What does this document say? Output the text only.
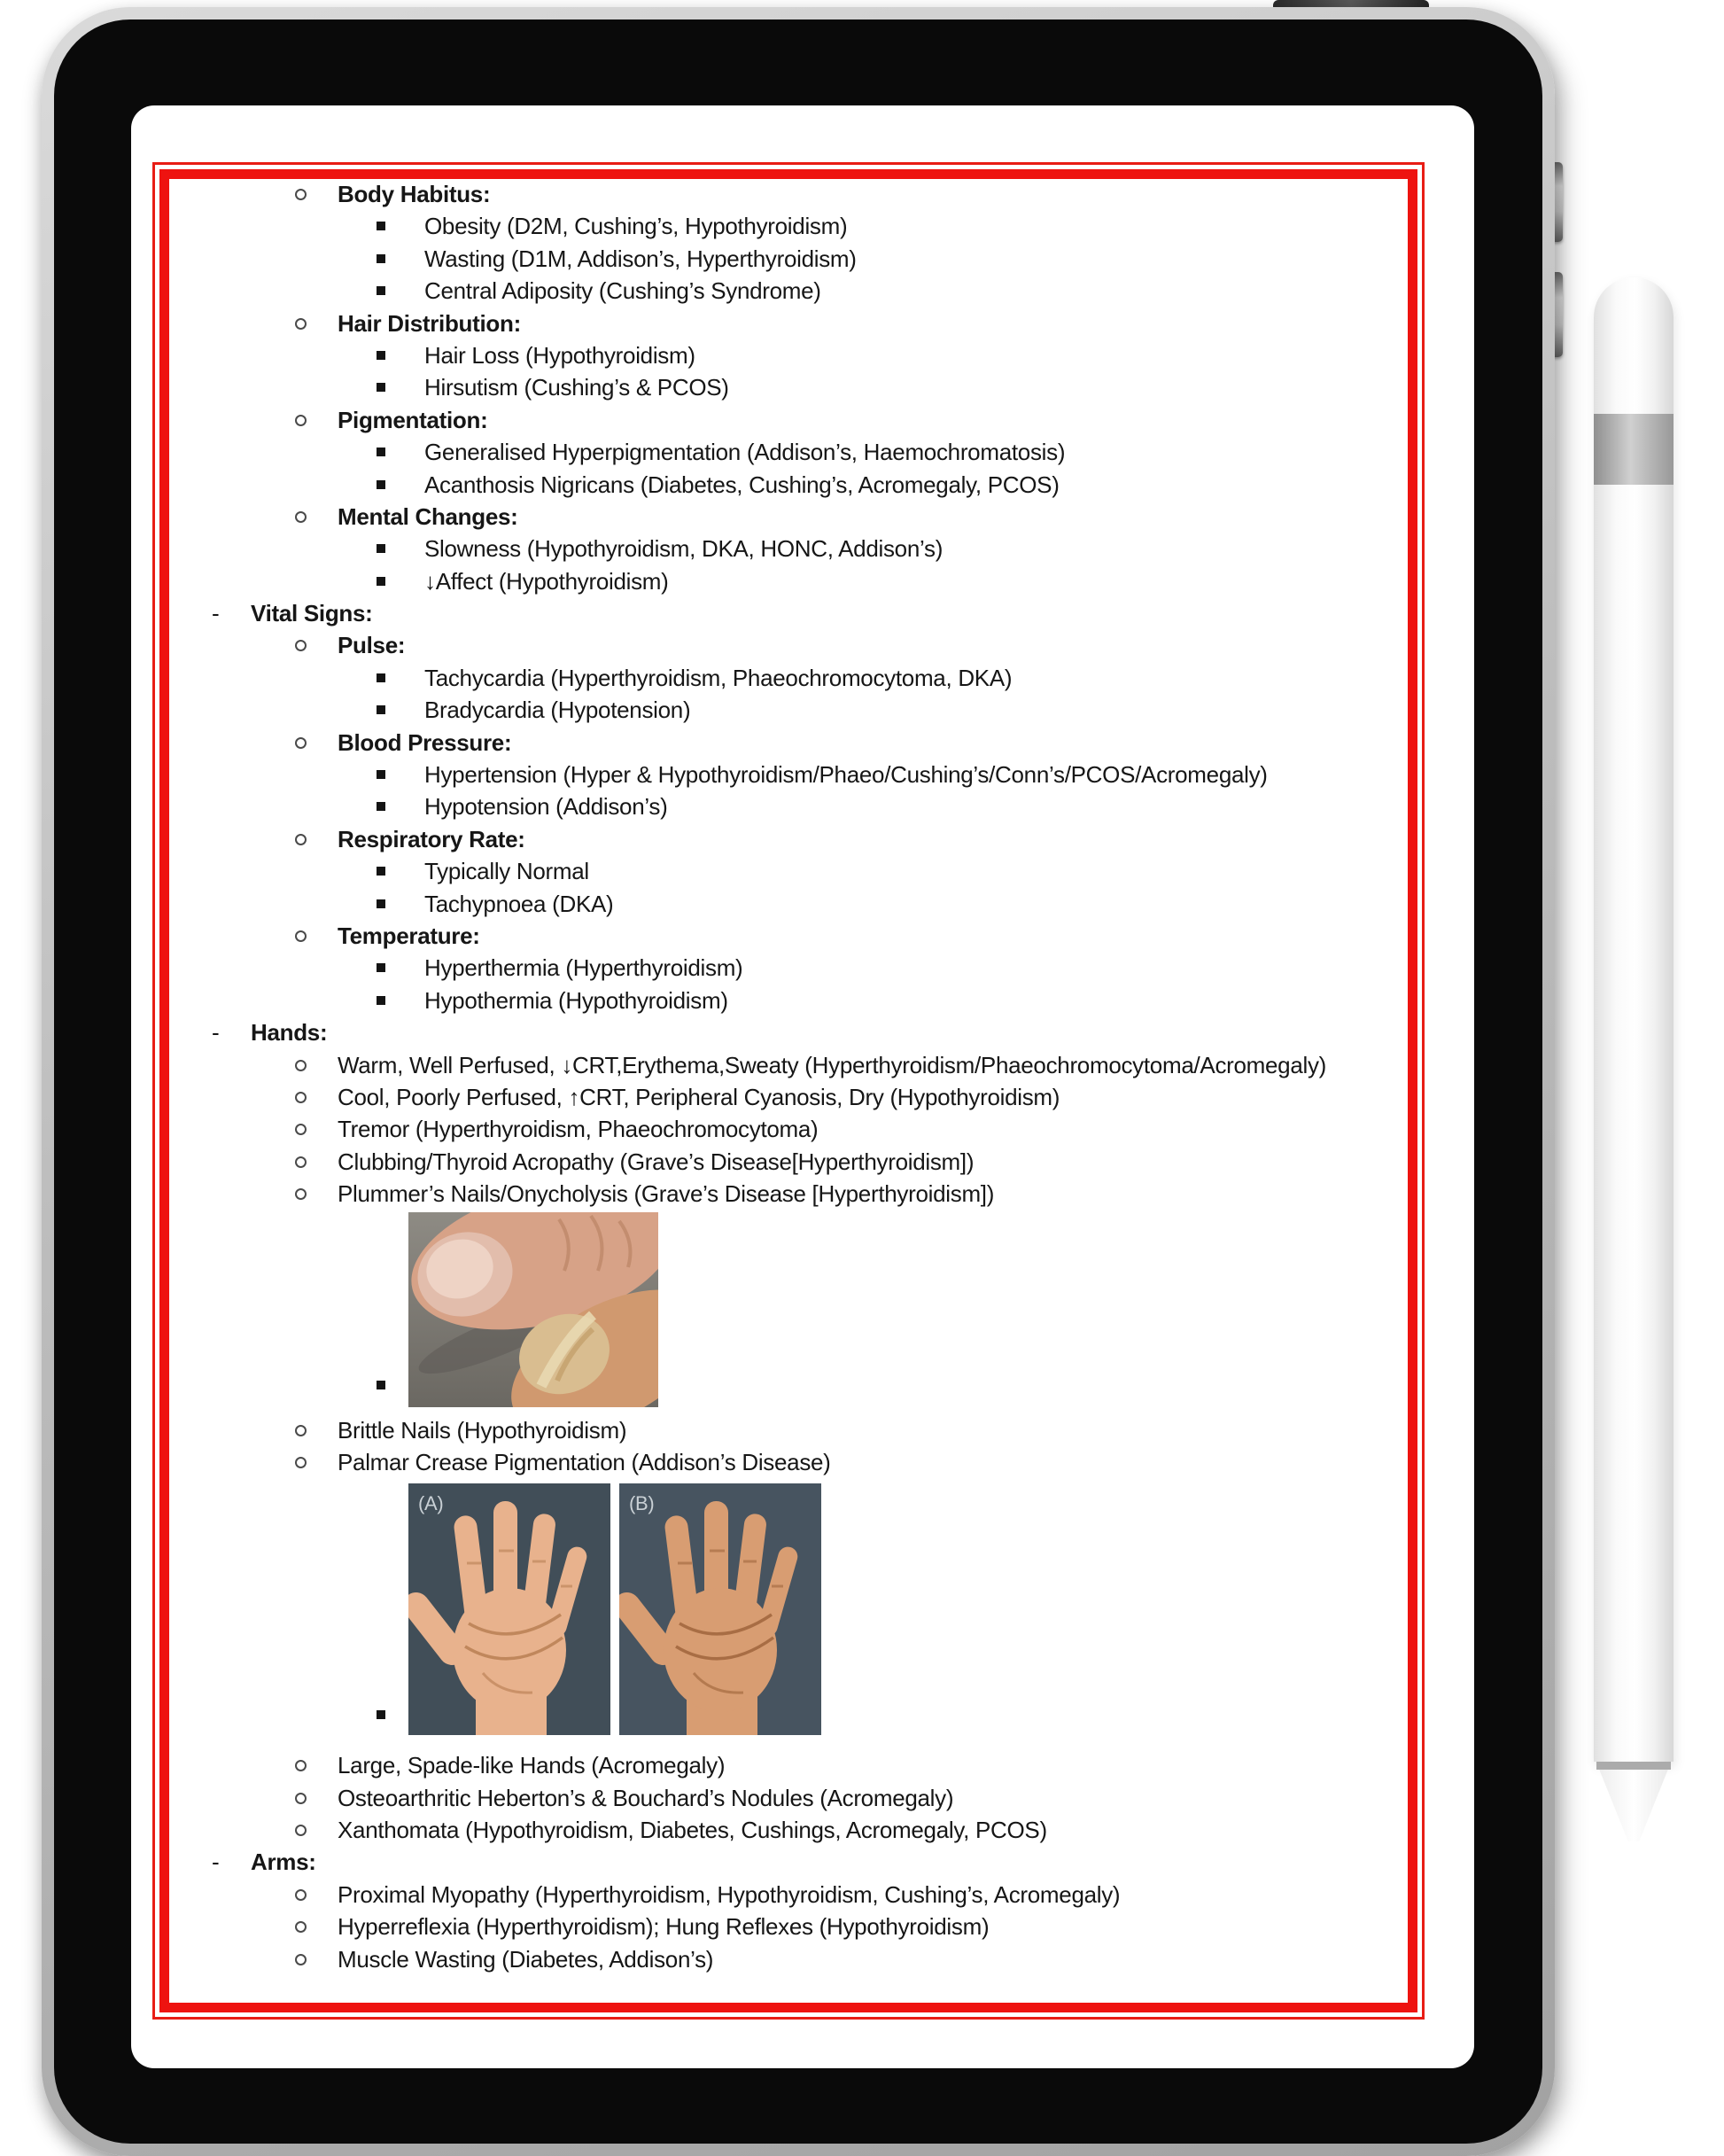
Body Habitus:
Obesity (D2M, Cushing’s, Hypothyroidism)
Wasting (D1M, Addison’s, Hyperthyroidism)
Central Adiposity (Cushing’s Syndrome)
Hair Distribution:
Hair Loss (Hypothyroidism)
Hirsutism (Cushing’s & PCOS)
Pigmentation:
Generalised Hyperpigmentation (Addison’s, Haemochromatosis)
Acanthosis Nigricans (Diabetes, Cushing’s, Acromegaly, PCOS)
Mental Changes:
Slowness (Hypothyroidism, DKA, HONC, Addison’s)
↓Affect (Hypothyroidism)
-	Vital Signs:
Pulse:
Tachycardia (Hyperthyroidism, Phaeochromocytoma, DKA)
Bradycardia (Hypotension)
Blood Pressure:
Hypertension (Hyper & Hypothyroidism/Phaeo/Cushing’s/Conn’s/PCOS/Acromegaly)
Hypotension (Addison’s)
Respiratory Rate:
Typically Normal
Tachypnoea (DKA)
Temperature:
Hyperthermia (Hyperthyroidism)
Hypothermia (Hypothyroidism)
-	Hands:
Warm, Well Perfused, ↓CRT,Erythema,Sweaty (Hyperthyroidism/Phaeochromocytoma/Acromegaly)
Cool, Poorly Perfused, ↑CRT, Peripheral Cyanosis, Dry (Hypothyroidism)
Tremor (Hyperthyroidism, Phaeochromocytoma)
Clubbing/Thyroid Acropathy (Grave’s Disease[Hyperthyroidism])
Plummer’s Nails/Onycholysis (Grave’s Disease [Hyperthyroidism])
Brittle Nails (Hypothyroidism)
Palmar Crease Pigmentation (Addison’s Disease)
(A)	(B)
Large, Spade-like Hands (Acromegaly)
Osteoarthritic Heberton’s & Bouchard’s Nodules (Acromegaly)
Xanthomata (Hypothyroidism, Diabetes, Cushings, Acromegaly, PCOS)
-	Arms:
Proximal Myopathy (Hyperthyroidism, Hypothyroidism, Cushing’s, Acromegaly)
Hyperreflexia (Hyperthyroidism); Hung Reflexes (Hypothyroidism)
Muscle Wasting (Diabetes, Addison’s)
